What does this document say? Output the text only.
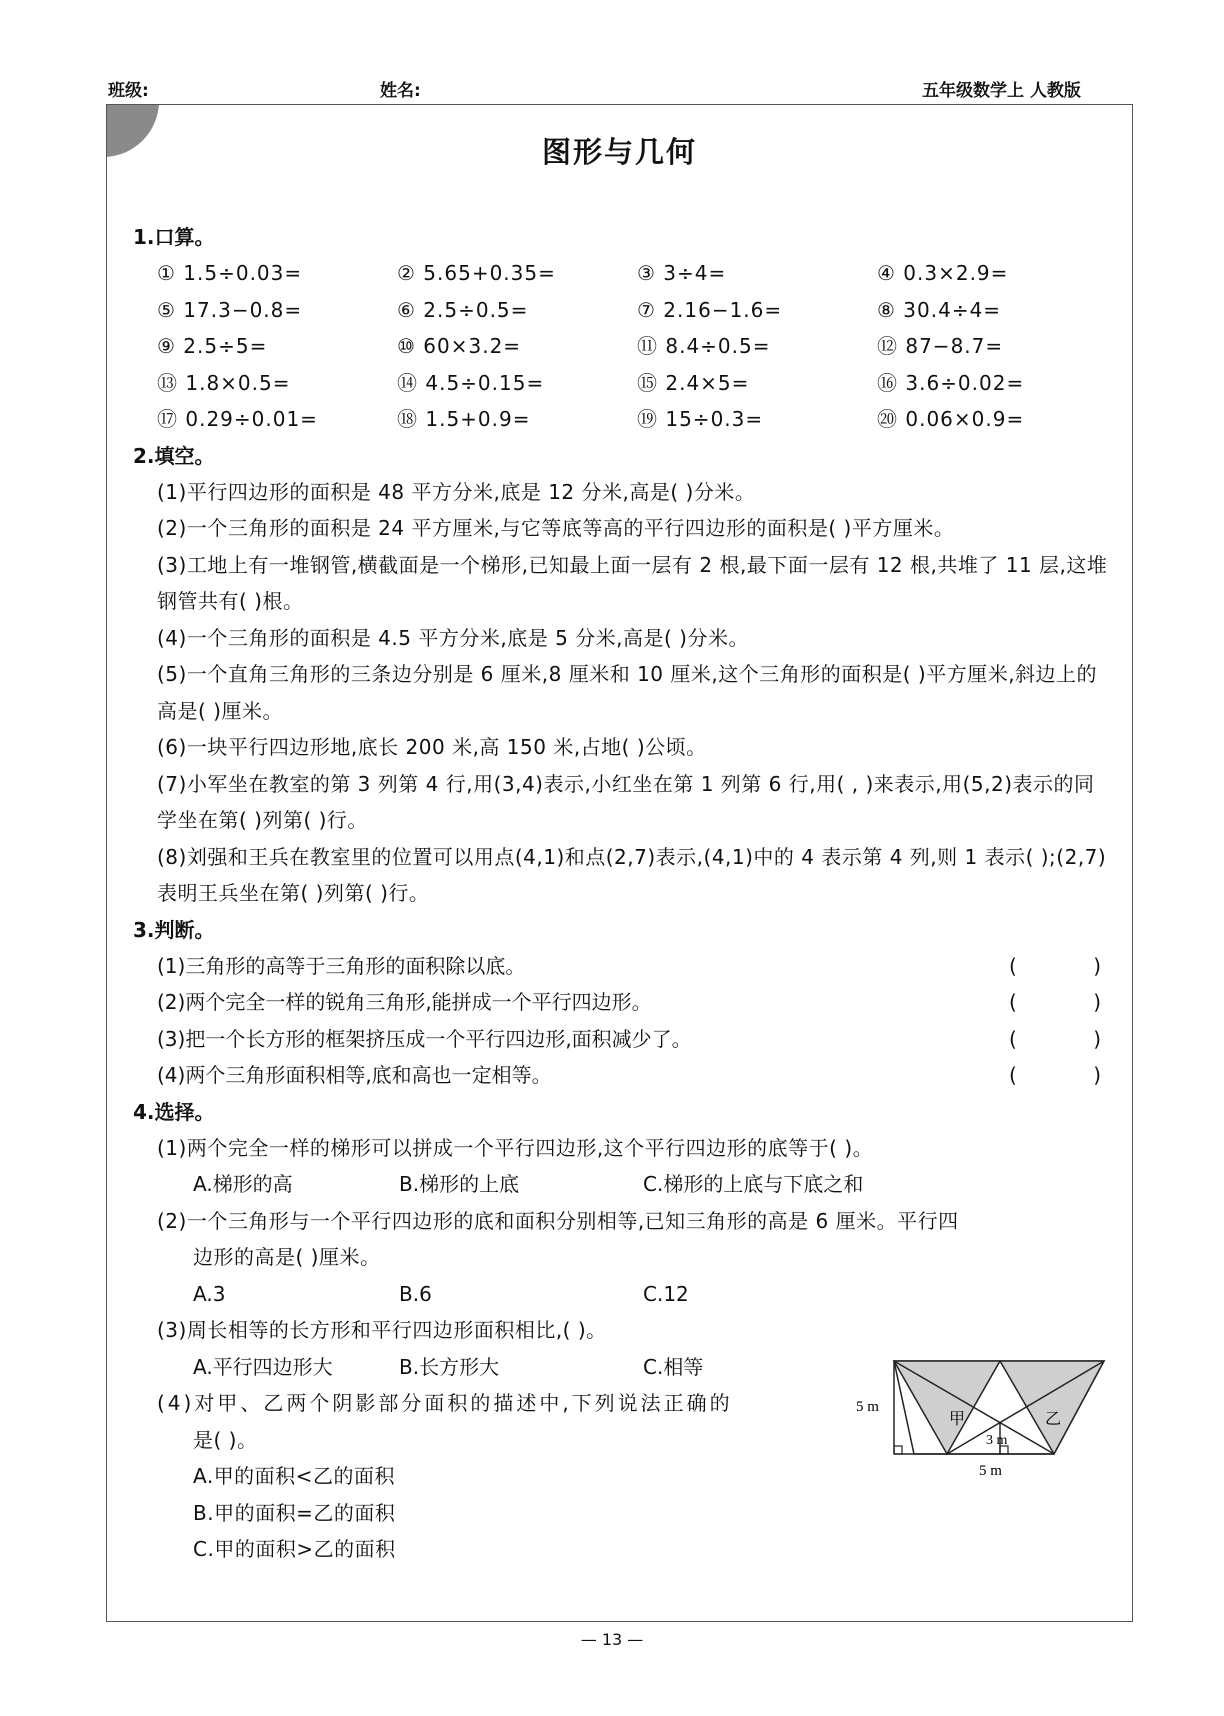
班级:	姓名:	五年级数学上 人教版
图形与几何
1.口算。
① 1.5÷0.03=	② 5.65+0.35=	③ 3÷4=	④ 0.3×2.9=
⑤ 17.3−0.8=	⑥ 2.5÷0.5=	⑦ 2.16−1.6=	⑧ 30.4÷4=
⑨ 2.5÷5=	⑩ 60×3.2=	⑪ 8.4÷0.5=	⑫ 87−8.7=
⑬ 1.8×0.5=	⑭ 4.5÷0.15=	⑮ 2.4×5=	⑯ 3.6÷0.02=
⑰ 0.29÷0.01=	⑱ 1.5+0.9=	⑲ 15÷0.3=	⑳ 0.06×0.9=
2.填空。
(1)平行四边形的面积是 48 平方分米,底是 12 分米,高是( )分米。
(2)一个三角形的面积是 24 平方厘米,与它等底等高的平行四边形的面积是( )平方厘米。
(3)工地上有一堆钢管,横截面是一个梯形,已知最上面一层有 2 根,最下面一层有 12 根,共堆了 11 层,这堆钢管共有( )根。
(4)一个三角形的面积是 4.5 平方分米,底是 5 分米,高是( )分米。
(5)一个直角三角形的三条边分别是 6 厘米,8 厘米和 10 厘米,这个三角形的面积是( )平方厘米,斜边上的高是( )厘米。
(6)一块平行四边形地,底长 200 米,高 150 米,占地( )公顷。
(7)小军坐在教室的第 3 列第 4 行,用(3,4)表示,小红坐在第 1 列第 6 行,用( , )来表示,用(5,2)表示的同学坐在第( )列第( )行。
(8)刘强和王兵在教室里的位置可以用点(4,1)和点(2,7)表示,(4,1)中的 4 表示第 4 列,则 1 表示( );(2,7)表明王兵坐在第( )列第( )行。
3.判断。
(1)三角形的高等于三角形的面积除以底。	(	)
(2)两个完全一样的锐角三角形,能拼成一个平行四边形。	(	)
(3)把一个长方形的框架挤压成一个平行四边形,面积减少了。	(	)
(4)两个三角形面积相等,底和高也一定相等。	(	)
4.选择。
(1)两个完全一样的梯形可以拼成一个平行四边形,这个平行四边形的底等于( )。
A.梯形的高	B.梯形的上底	C.梯形的上底与下底之和
(2)一个三角形与一个平行四边形的底和面积分别相等,已知三角形的高是 6 厘米。平行四
边形的高是( )厘米。
A.3	B.6	C.12
(3)周长相等的长方形和平行四边形面积相比,( )。
A.平行四边形大	B.长方形大	C.相等
(4)对甲、乙两个阴影部分面积的描述中,下列说法正确的
是( )。
A.甲的面积<乙的面积
B.甲的面积=乙的面积
C.甲的面积>乙的面积
5 m
甲	乙
3 m
5 m
— 13 —
